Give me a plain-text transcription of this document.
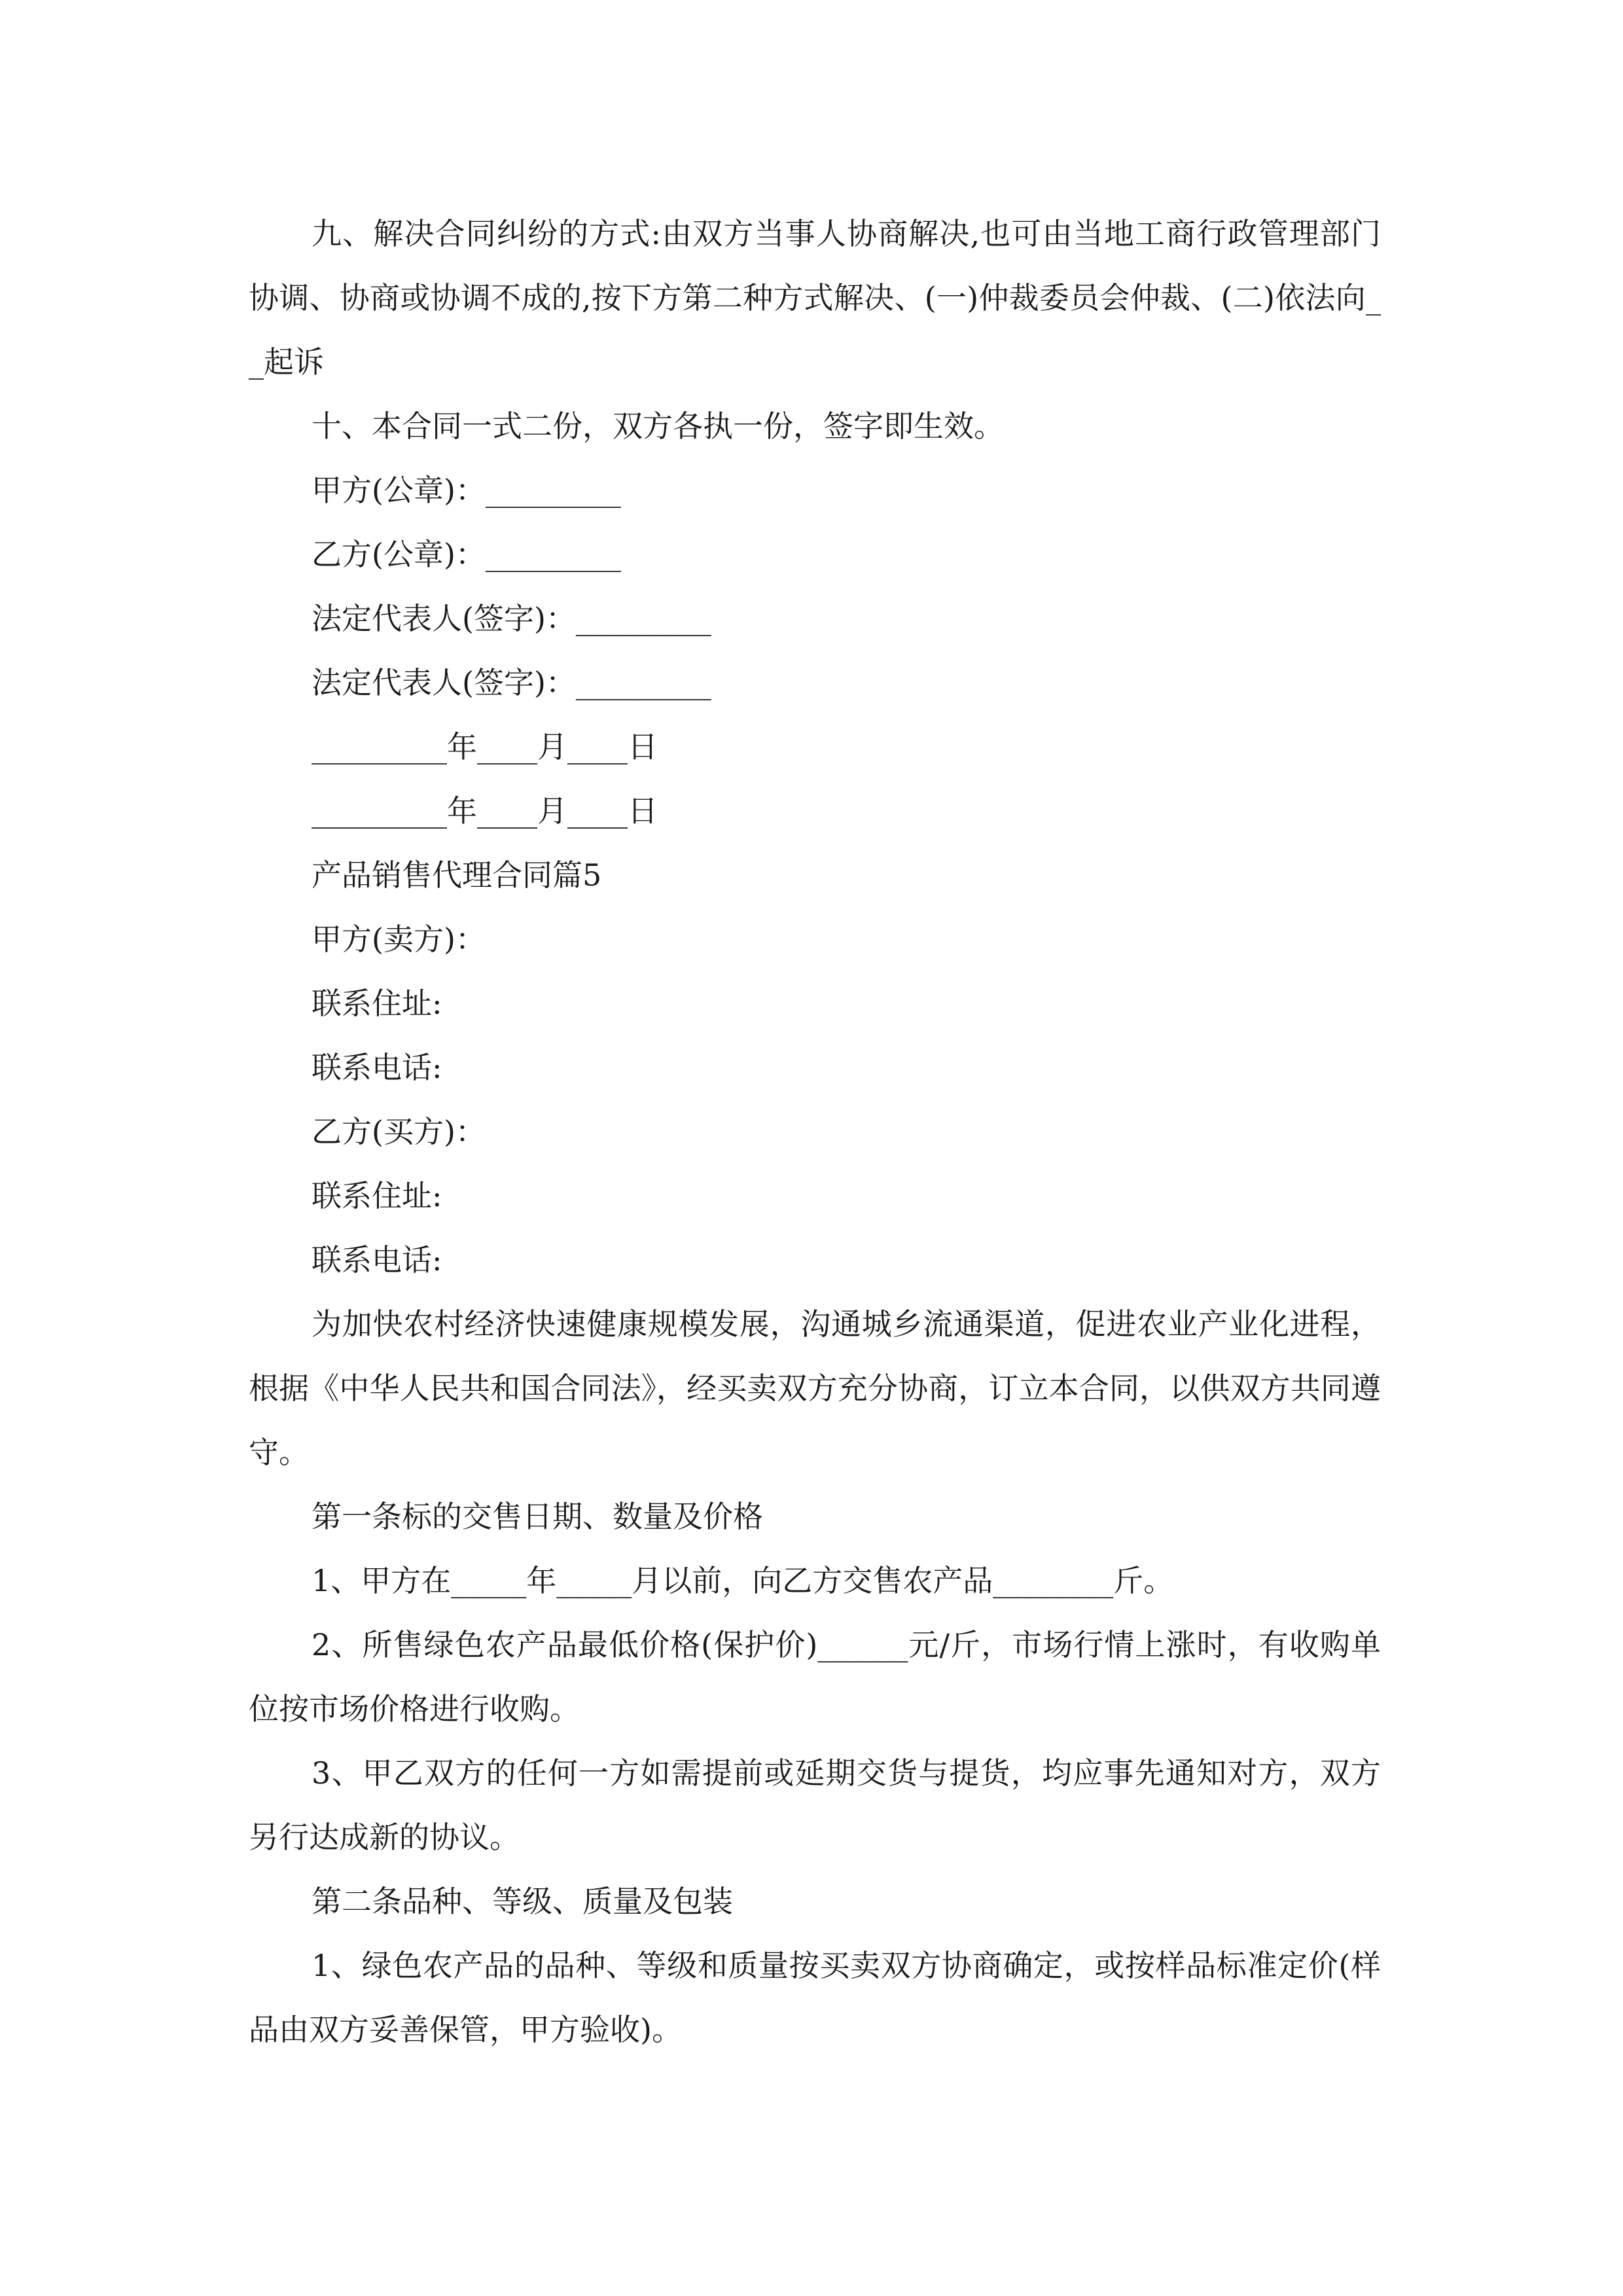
九、解决合同纠纷的方式:由双方当事人协商解决,也可由当地工商行政管理部门协调、协商或协调不成的,按下方第二种方式解决、(一)仲裁委员会仲裁、(二)依法向__起诉

十、本合同一式二份，双方各执一份，签字即生效。

甲方(公章)：_________

乙方(公章)：_________

法定代表人(签字)：_________

法定代表人(签字)：_________

_________年____月____日

_________年____月____日

产品销售代理合同篇5

甲方(卖方)：

联系住址:

联系电话:

乙方(买方)：

联系住址:

联系电话:

为加快农村经济快速健康规模发展，沟通城乡流通渠道，促进农业产业化进程，根据《中华人民共和国合同法》，经买卖双方充分协商，订立本合同，以供双方共同遵守。

第一条标的交售日期、数量及价格

1、甲方在_____年_____月以前，向乙方交售农产品________斤。

2、所售绿色农产品最低价格(保护价)______元/斤，市场行情上涨时，有收购单位按市场价格进行收购。

3、甲乙双方的任何一方如需提前或延期交货与提货，均应事先通知对方，双方另行达成新的协议。

第二条品种、等级、质量及包装

1、绿色农产品的品种、等级和质量按买卖双方协商确定，或按样品标准定价(样品由双方妥善保管，甲方验收)。
